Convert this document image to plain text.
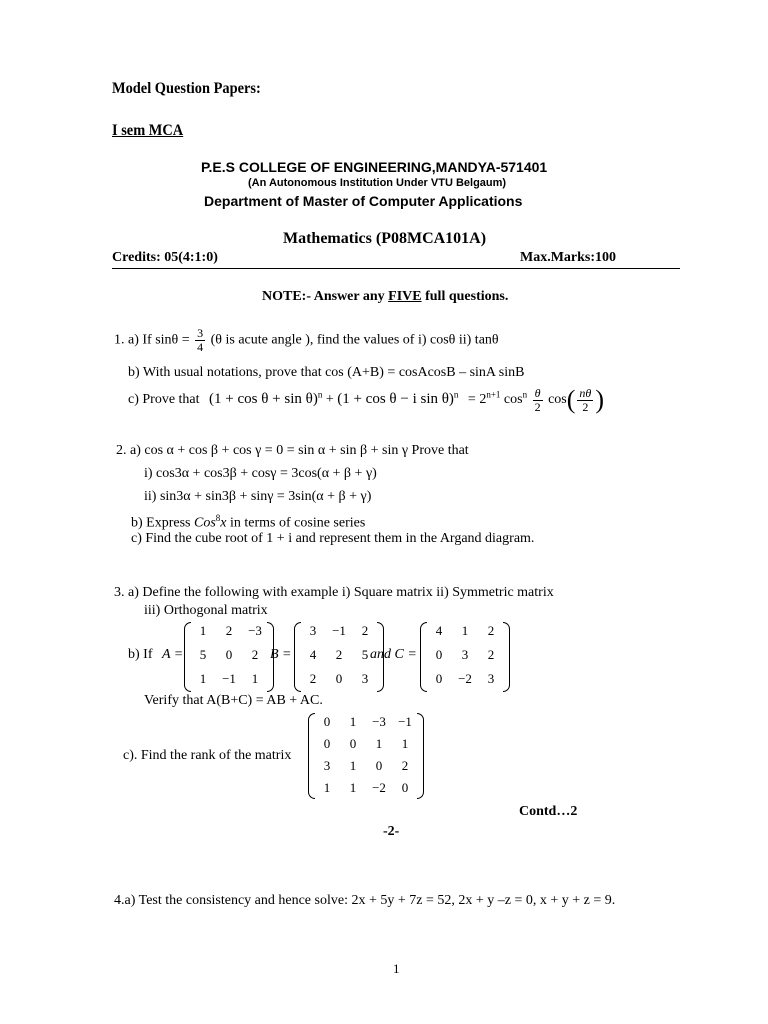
Model Question Papers:
I sem MCA
P.E.S COLLEGE OF ENGINEERING,MANDYA-571401
(An Autonomous Institution Under VTU Belgaum)
Department of Master of Computer Applications
Mathematics (P08MCA101A)
Credits: 05(4:1:0)	Max.Marks:100
NOTE:- Answer any FIVE full questions.
1. a) If $\sin\theta = \frac{3}{4} (\theta$ is acute angle ), find the values of i) cosθ ii) tanθ
b) With usual notations, prove that cos (A+B) = cosAcosB – sinA sinB
c) Prove that $(1 + \cos \theta + \sin \theta)^n + (1 + \cos \theta - i$ $\sin \theta)^n = 2^{n+1}$ $\cos^n \frac{\theta}{2} \cos( \frac{n\theta}{2}$ )
2. a) cos α + cos β + cos γ = 0 = sin α + sin β + sin γ Prove that
i) cos3α + cos3β + cosγ = 3cos(α + β + γ)
ii) sin3α + sin3β + sinγ = 3sin(α + β + γ)
b) Express Cos$^8$x in terms of cosine series
c) Find the cube root of 1 + i and represent them in the Argand diagram.
3. a) Define the following with example i) Square matrix ii) Symmetric matrix
iii) Orthogonal matrix
b) If A =	B =	and C =
1	2	−3
5	0	2
1	−1	1
3	−1	2
4	2	5
2	0	3
4	1	2
0	3	2
0	−2	3
Verify that A(B+C) = AB + AC.
c). Find the rank of the matrix
0	1	−3 −1
0	0	1	1
3	1	0	2
1	1	−2	0
Contd…2
-2-
4.a) Test the consistency and hence solve: 2x + 5y + 7z = 52, 2x + y –z = 0, x + y + z = 9.
1
